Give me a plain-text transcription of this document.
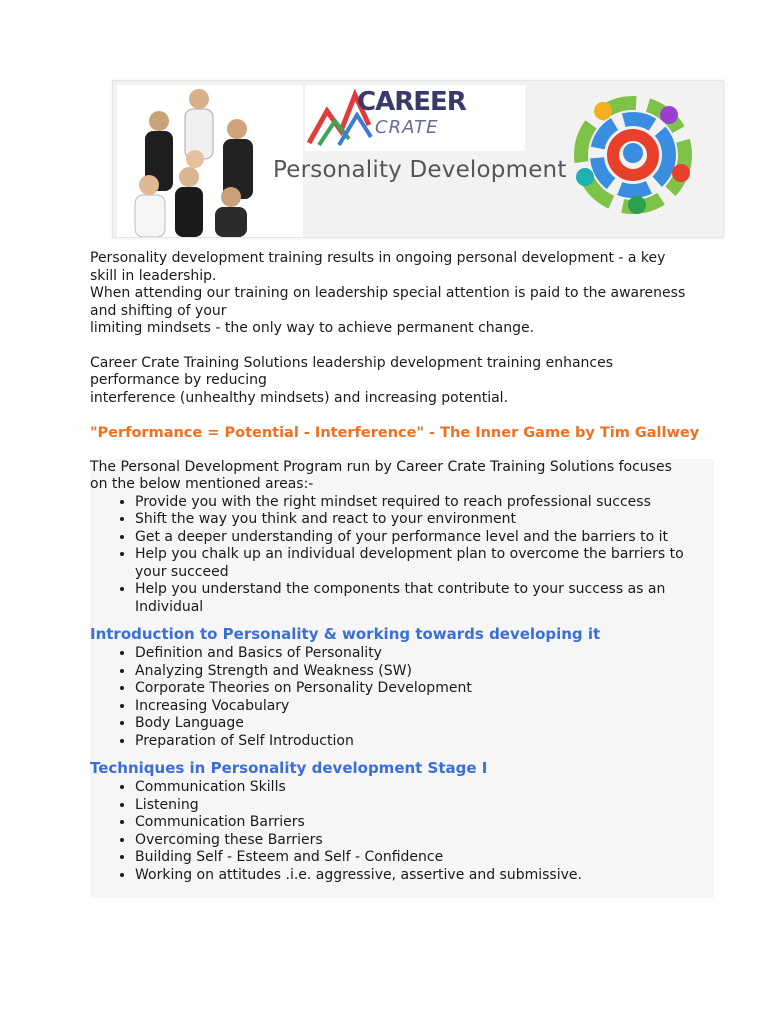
CAREER
CRATE
Personality Development

Personality development training results in ongoing personal development - a key

skill in leadership.

When attending our training on leadership special attention is paid to the awareness

and shifting of your

limiting mindsets - the only way to achieve permanent change.

Career Crate Training Solutions leadership development training enhances

performance by reducing

interference (unhealthy mindsets) and increasing potential.

"Performance = Potential - Interference" - The Inner Game by Tim Gallwey

The Personal Development Program run by Career Crate Training Solutions focuses

on the below mentioned areas:-

• Provide you with the right mindset required to reach professional success
• Shift the way you think and react to your environment
• Get a deeper understanding of your performance level and the barriers to it
• Help you chalk up an individual development plan to overcome the barriers to your succeed
• Help you understand the components that contribute to your success as an Individual

Introduction to Personality & working towards developing it

• Definition and Basics of Personality
• Analyzing Strength and Weakness (SW)
• Corporate Theories on Personality Development
• Increasing Vocabulary
• Body Language
• Preparation of Self Introduction

Techniques in Personality development Stage I

• Communication Skills
• Listening
• Communication Barriers
• Overcoming these Barriers
• Building Self - Esteem and Self - Confidence
• Working on attitudes .i.e. aggressive, assertive and submissive.
